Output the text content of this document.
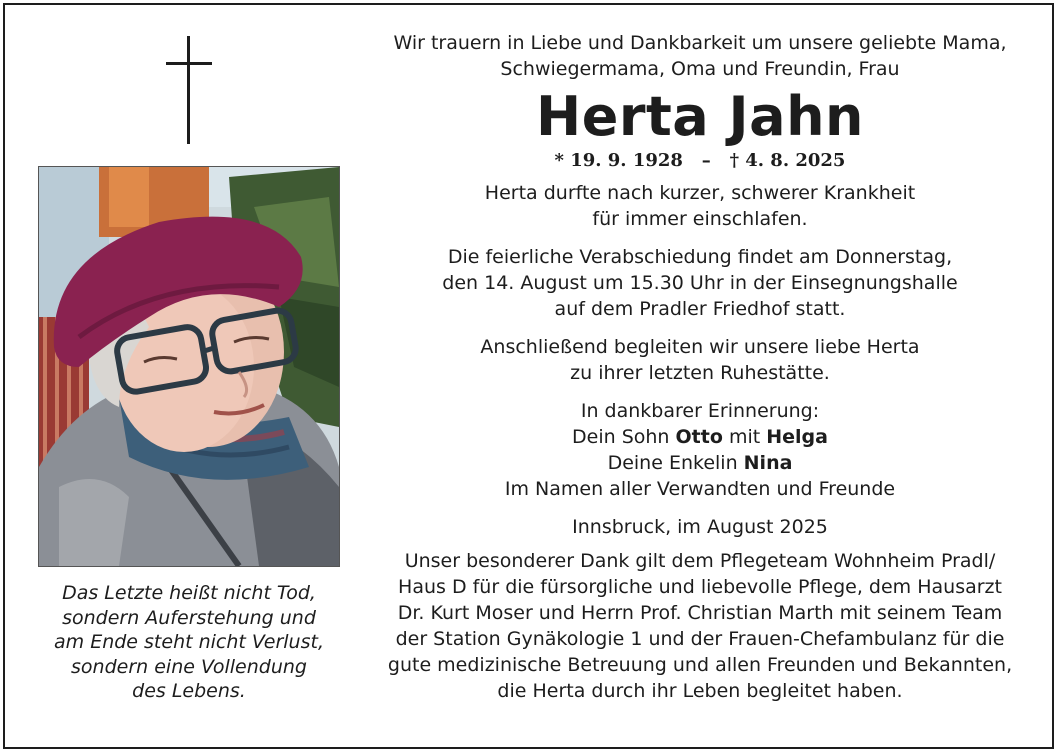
Das Letzte heißt nicht Tod,
sondern Auferstehung und
am Ende steht nicht Verlust,
sondern eine Vollendung
des Lebens.
Wir trauern in Liebe und Dankbarkeit um unsere geliebte Mama,
Schwiegermama, Oma und Freundin, Frau
Herta Jahn
* 19. 9. 1928 – † 4. 8. 2025
Herta durfte nach kurzer, schwerer Krankheit
für immer einschlafen.
Die feierliche Verabschiedung findet am Donnerstag,
den 14. August um 15.30 Uhr in der Einsegnungshalle
auf dem Pradler Friedhof statt.
Anschließend begleiten wir unsere liebe Herta
zu ihrer letzten Ruhestätte.
In dankbarer Erinnerung:
Dein Sohn Otto mit Helga
Deine Enkelin Nina
Im Namen aller Verwandten und Freunde
Innsbruck, im August 2025
Unser besonderer Dank gilt dem Pflegeteam Wohnheim Pradl/
Haus D für die fürsorgliche und liebevolle Pflege, dem Hausarzt
Dr. Kurt Moser und Herrn Prof. Christian Marth mit seinem Team
der Station Gynäkologie 1 und der Frauen-Chefambulanz für die
gute medizinische Betreuung und allen Freunden und Bekannten,
die Herta durch ihr Leben begleitet haben.
